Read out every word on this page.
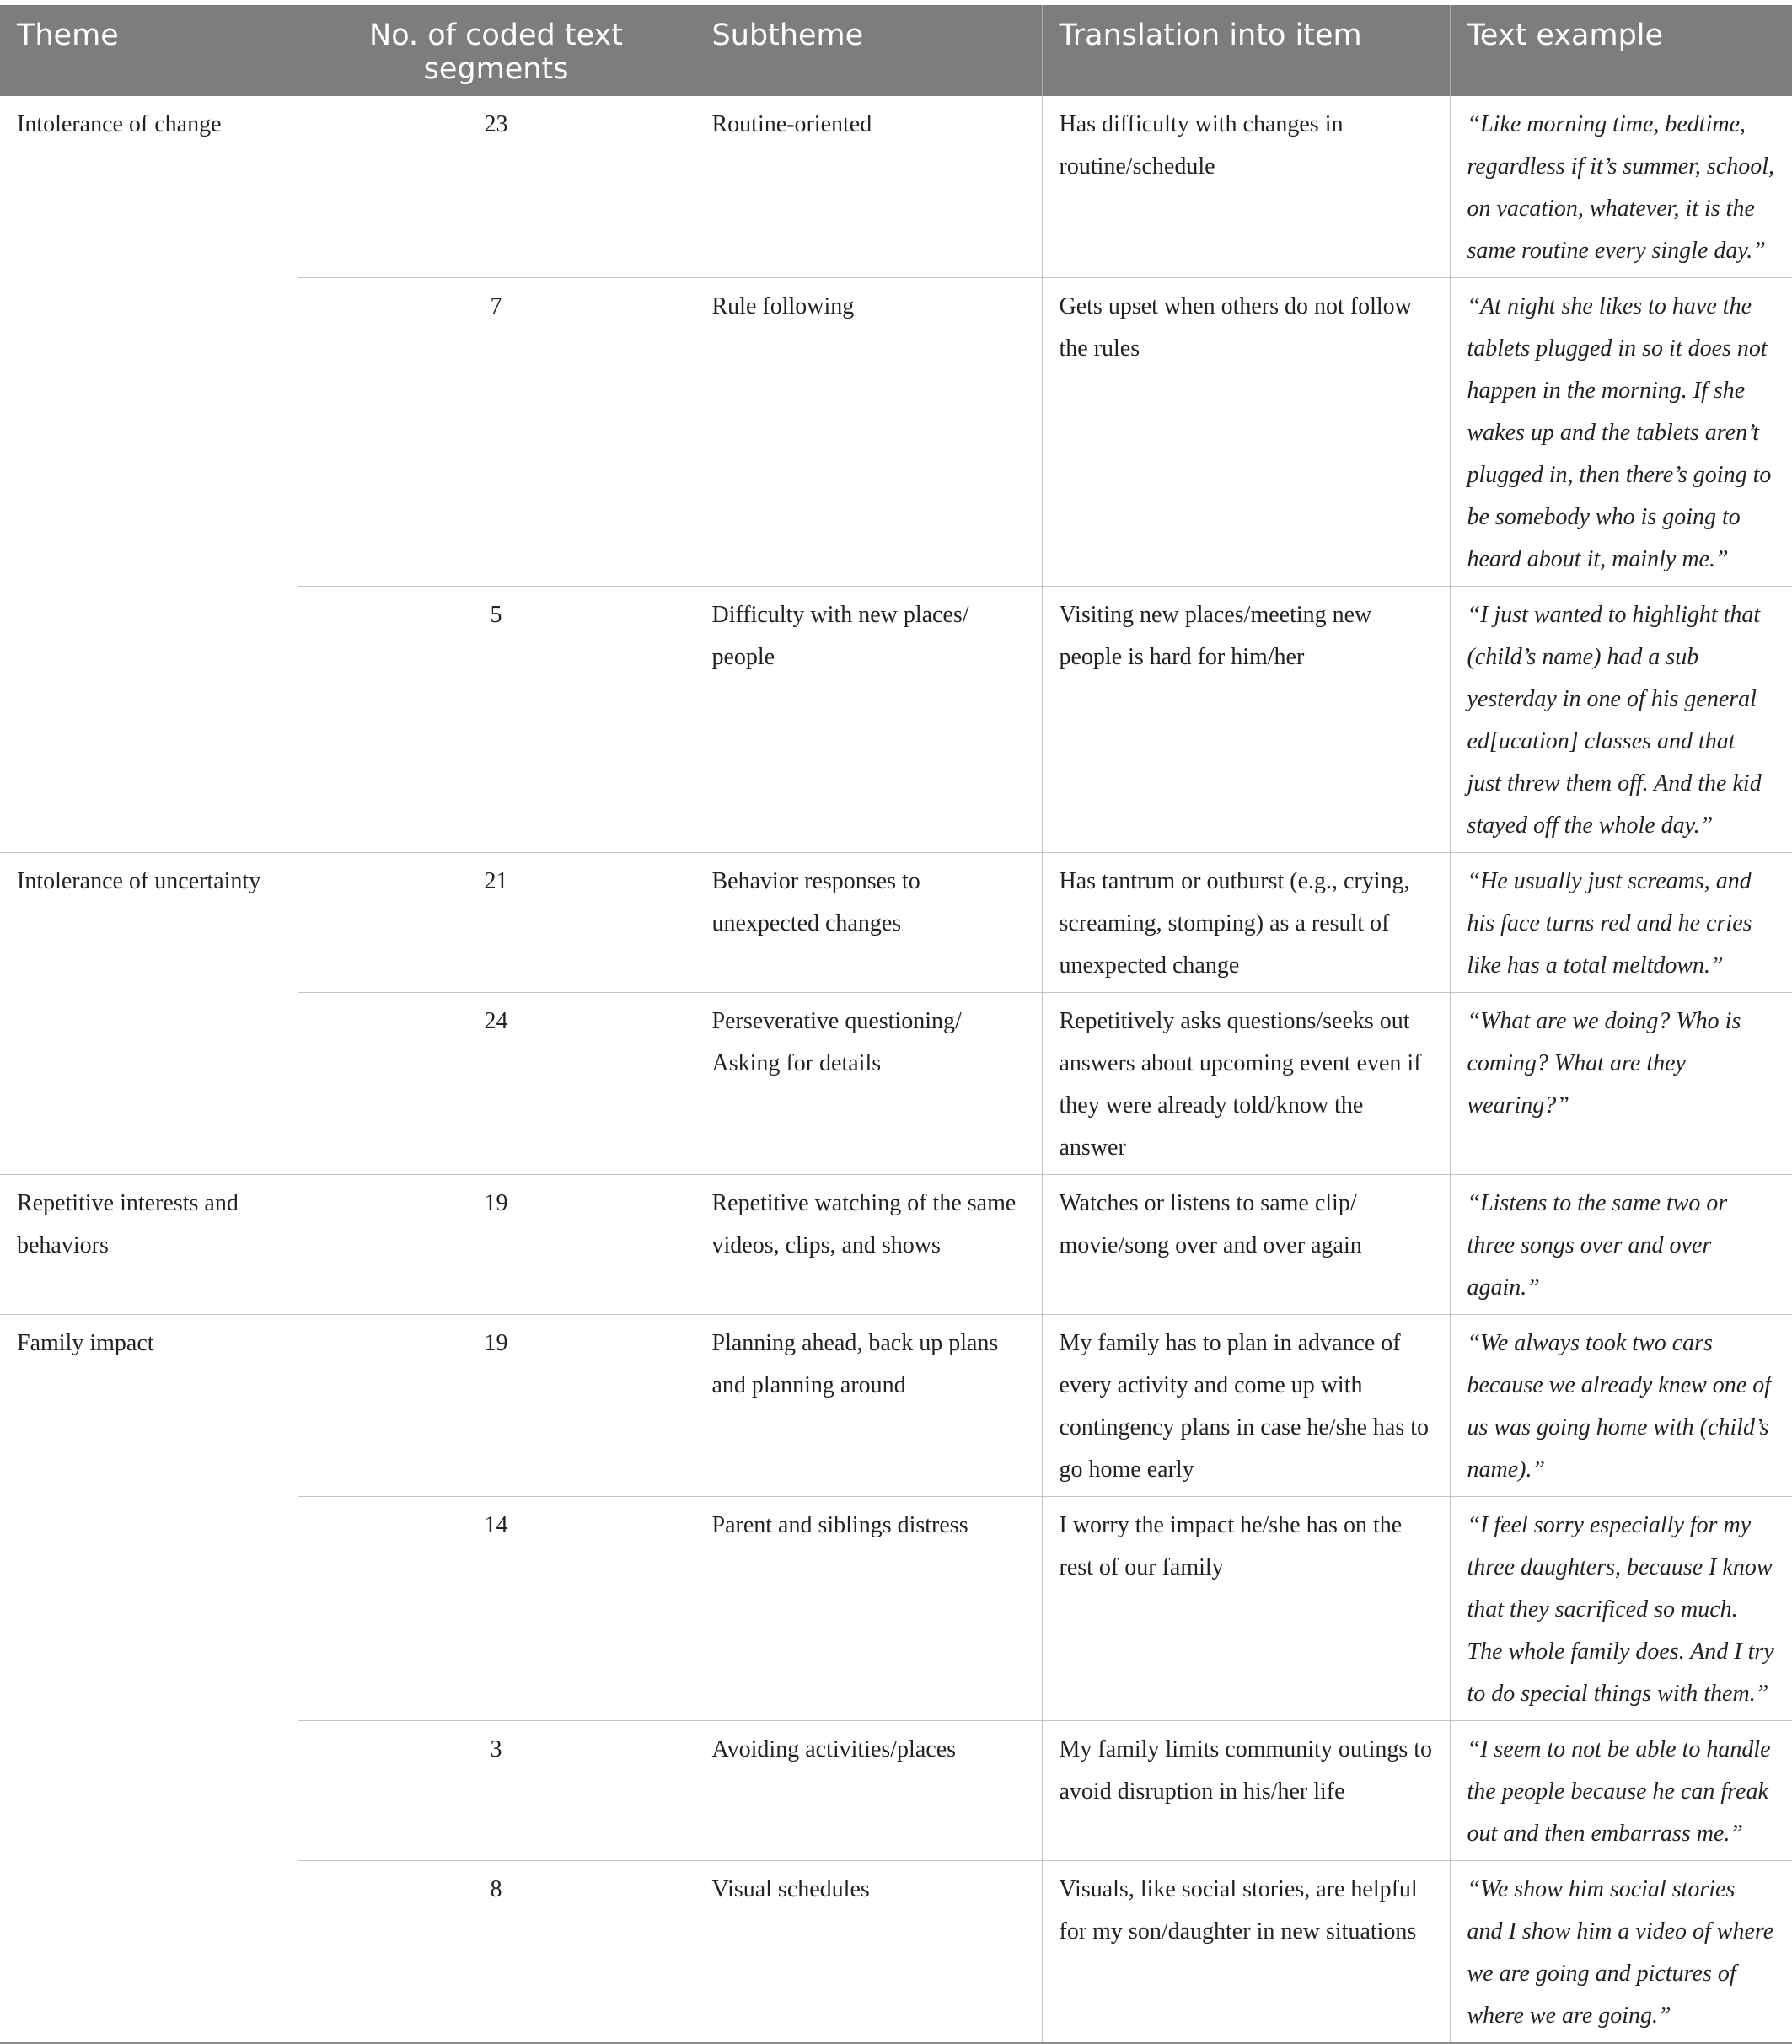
Theme	No. of coded text segments	Subtheme	Translation into item	Text example
Intolerance of change	23	Routine-oriented	Has difficulty with changes in routine/schedule	“Like morning time, bedtime, regardless if it’s summer, school, on vacation, whatever, it is the same routine every single day.”
	7	Rule following	Gets upset when others do not follow the rules	“At night she likes to have the tablets plugged in so it does not happen in the morning. If she wakes up and the tablets aren’t plugged in, then there’s going to be somebody who is going to heard about it, mainly me.”
	5	Difficulty with new places/ people	Visiting new places/meeting new people is hard for him/her	“I just wanted to highlight that (child’s name) had a sub yesterday in one of his general ed[ucation] classes and that just threw them off. And the kid stayed off the whole day.”
Intolerance of uncertainty	21	Behavior responses to unexpected changes	Has tantrum or outburst (e.g., crying, screaming, stomping) as a result of unexpected change	“He usually just screams, and his face turns red and he cries like has a total meltdown.”
	24	Perseverative questioning/ Asking for details	Repetitively asks questions/seeks out answers about upcoming event even if they were already told/know the answer	“What are we doing? Who is coming? What are they wearing?”
Repetitive interests and behaviors	19	Repetitive watching of the same videos, clips, and shows	Watches or listens to same clip/ movie/song over and over again	“Listens to the same two or three songs over and over again.”
Family impact	19	Planning ahead, back up plans and planning around	My family has to plan in advance of every activity and come up with contingency plans in case he/she has to go home early	“We always took two cars because we already knew one of us was going home with (child’s name).”
	14	Parent and siblings distress	I worry the impact he/she has on the rest of our family	“I feel sorry especially for my three daughters, because I know that they sacrificed so much. The whole family does. And I try to do special things with them.”
	3	Avoiding activities/places	My family limits community outings to avoid disruption in his/her life	“I seem to not be able to handle the people because he can freak out and then embarrass me.”
	8	Visual schedules	Visuals, like social stories, are helpful for my son/daughter in new situations	“We show him social stories and I show him a video of where we are going and pictures of where we are going.”
